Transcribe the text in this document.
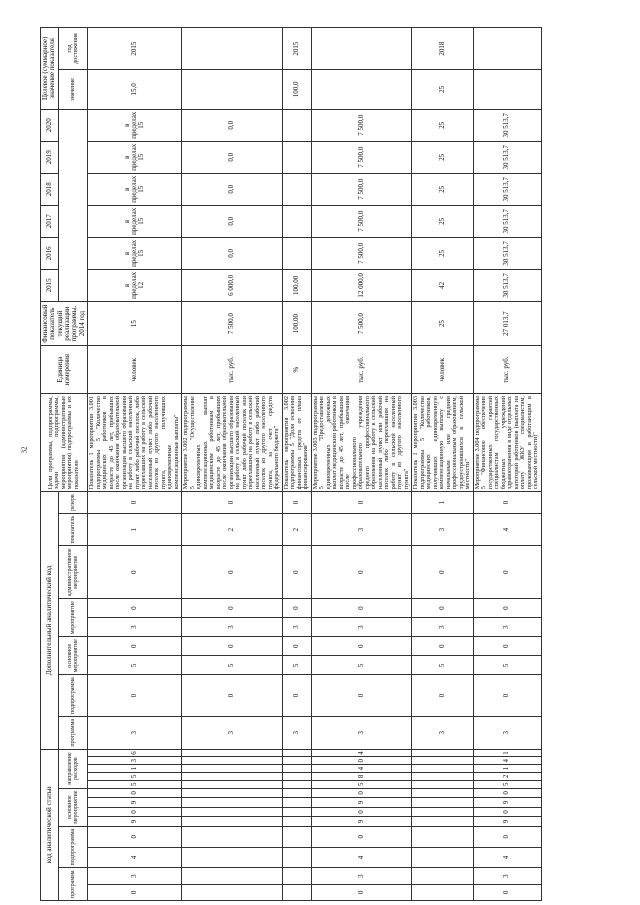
32
код аналитической статьи													Дополнительный аналитический код									Цели программы, подпрограммы, задачи подпрограммы, мероприятия (административные мероприятия) подпрограммы и их показатели	Единица измерения	Финансовый показатель текущий реализации программы, 2014 год	2015	2016	2017	2018	2019	2020	Целевое (суммарное) значение показателя	
программа		подпрограмма		основное мероприятие				направление расходов					программа	подпрограмма	основное мероприятие		мероприятие		административное мероприятие	показатель	резерв										значение	год достижения
0	3	4	0	9	0	9	0	5	5	1	3	6	3	0	5	0	3	0	0	1	0	Показатель 1 мероприятия 3.001 подпрограммы 5 "Количество медицинских работников в возрасте до 45 лет, прибывших после окончания образовательной организации высшего образования на работу в сельский населенный пункт либо рабочий поселок, либо переехавших на работу в сельский населенный пункт либо рабочий поселок из другого населенного пункта, получивших единовременные компенсационные выплаты"	человек	15	в пределах 12	в пределах 15	в пределах 15	в пределах 15	в пределах 15	в пределах 15	15,0	2015
													3	0	5	0	3	0	0	2	0	Мероприятие 3.002 подпрограммы 5 "Осуществление единовременных компенсационных выплат медицинским работникам в возрасте до 45 лет, прибывшим после окончания образовательной организации высшего образования на работу в сельский населенный пункт либо рабочий поселок или переехавшим на работу в сельский населенный пункт либо рабочий поселок из другого населенного пункта, за счет средств федерального бюджета"	тыс. руб.	7 500,0	6 000,0	0,0	0,0	0,0	0,0	0,0		
													3	0	5	0	3	0	0	2	0	Показатель мероприятия 3.002 подпрограммы 5 "Доля освоения финансовых средств от плана финансирования"	%	100,00	100,00						100,0	2015
0	3	4	0	9	0	9	0	5	8	4	0	4	3	0	5	0	3	0	0	3	0	Мероприятие 3.003 подпрограммы 5 "Предоставление единовременных денежных выплат медицинским работникам в возрасте до 45 лет, прибывшим после окончания профессионального образовательного учреждения среднего профессионального образования на работу в сельский населенный пункт или рабочий поселок либо переехавшим на работу в сельский населенный пункт из другого населенного пункта"	тыс. руб.	7 500,0	12 000,0	7 500,0	7 500,0	7 500,0	7 500,0	7 500,0		
													3	0	5	0	3	0	0	3	1	Показатель 1 мероприятия 3.003 подпрограммы 5 "Количество медицинских работников, получивших единовременную компенсационную выплату с начальным или средним профессиональным образованием, трудоустроившихся в сельской местности"	человек	25	42	25	25	25	25	25	25	2018
0	3	4	0	9	0	9	0	5	2	1	4	1	3	0	5	0	3	0	0	4	0	Мероприятие 3.004 подпрограммы 5 "Финансовое обеспечение государственных гарантий специалистам государственных бюджетных учреждений здравоохранения в виде отдельных категорий работников (выплата на оплату ЖКУ специалистам, проживающим и работающим в сельской местности)"	тыс. руб.	27 013,7	30 513,7	30 513,7	30 513,7	30 513,7	30 513,7	30 513,7		
